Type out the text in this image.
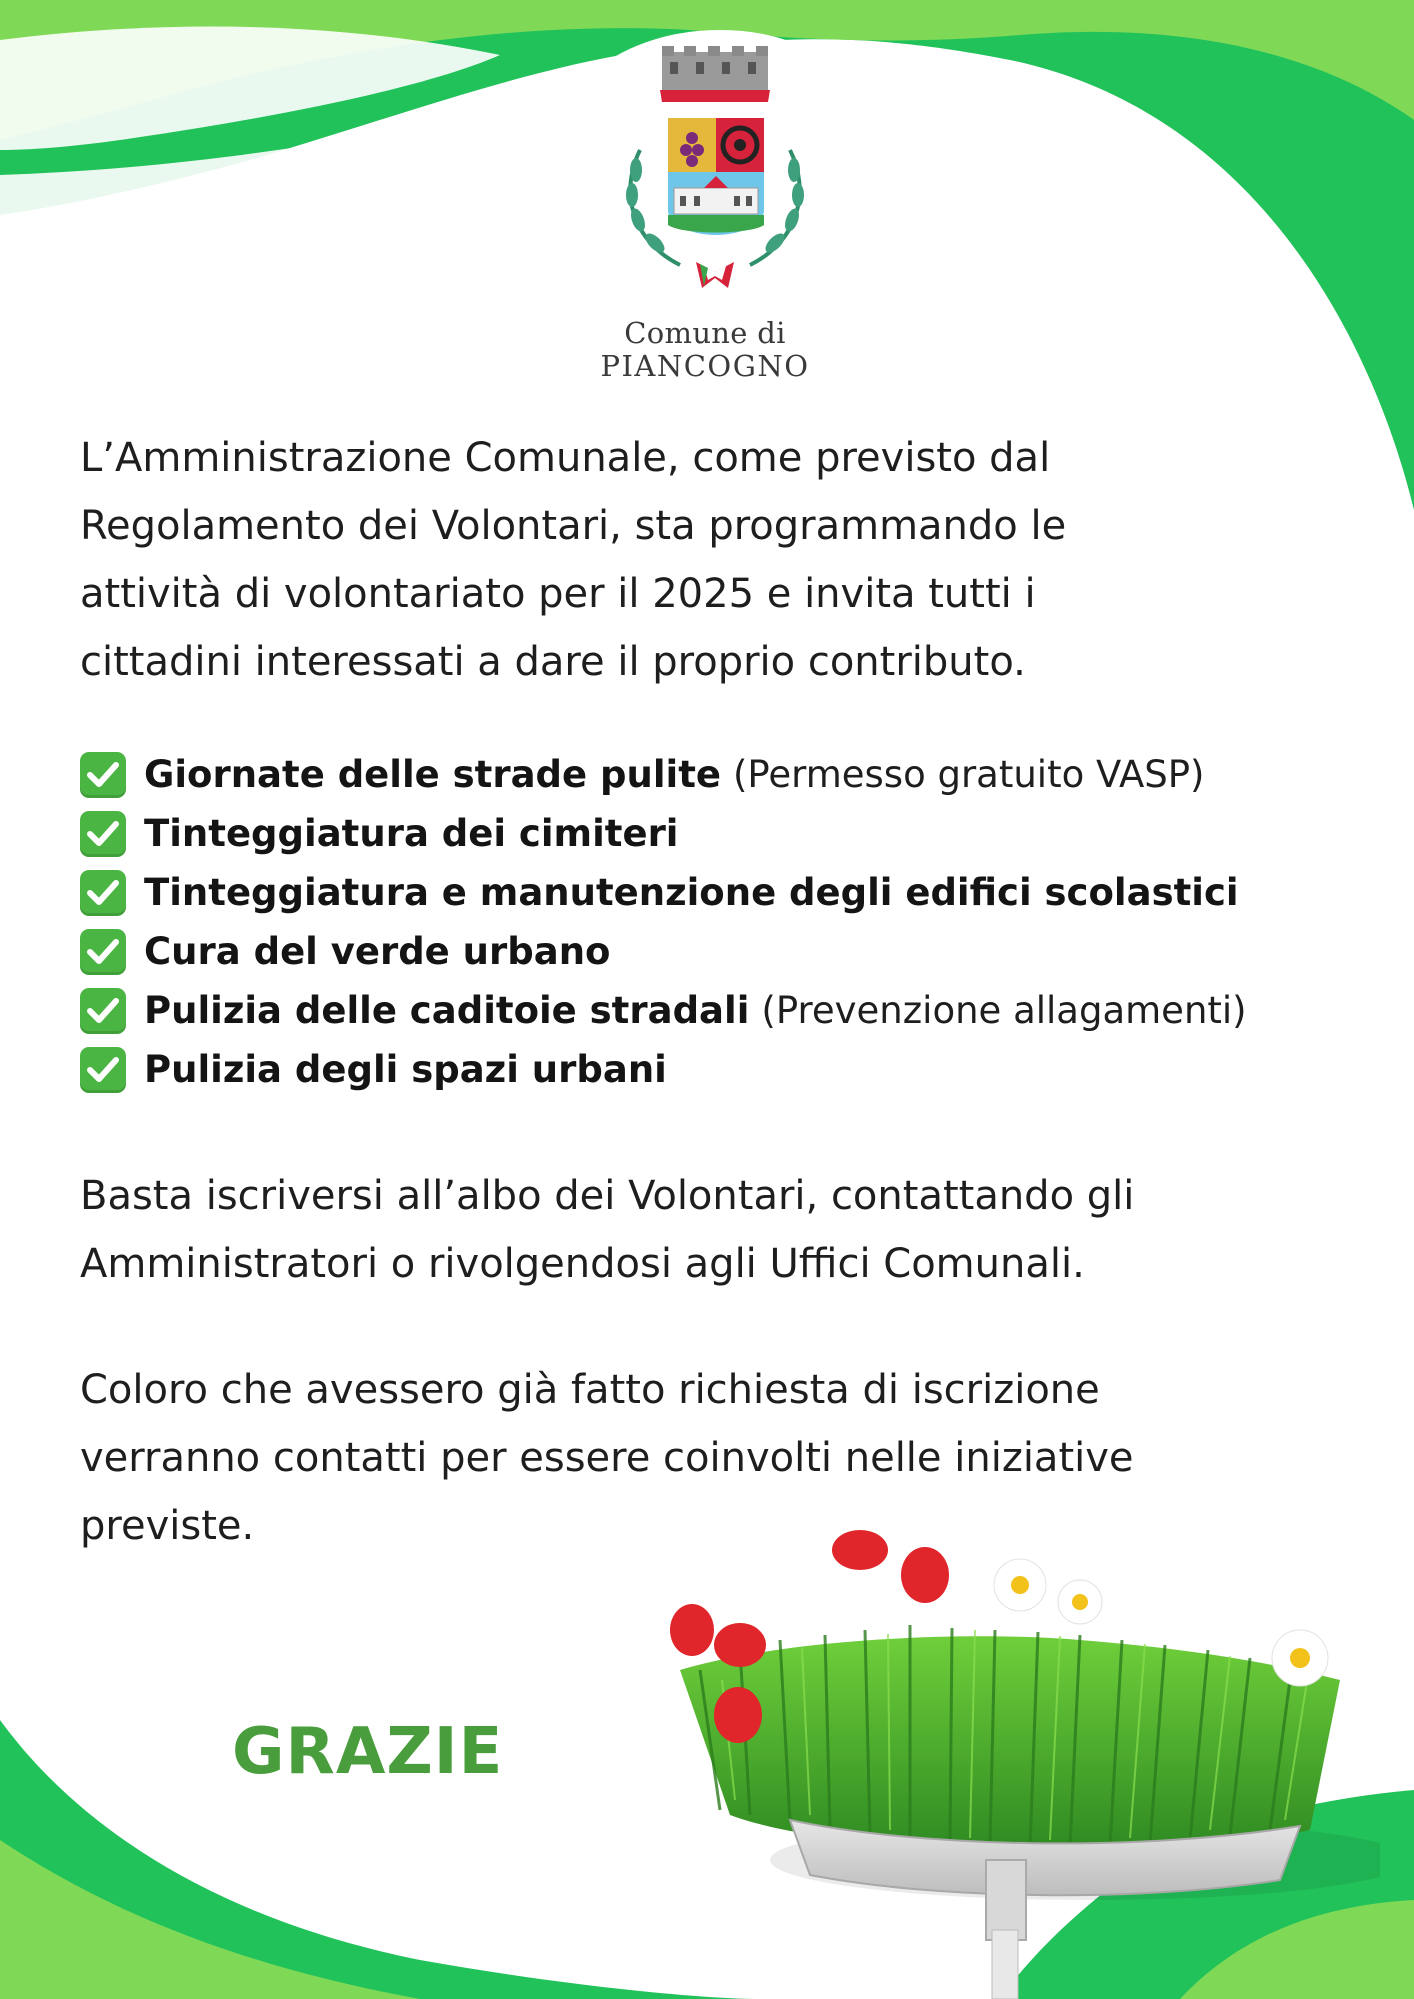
Comune di
PIANCOGNO

L’Amministrazione Comunale, come previsto dal
Regolamento dei Volontari, sta programmando le
attività di volontariato per il 2025 e invita tutti i
cittadini interessati a dare il proprio contributo.

Giornate delle strade pulite (Permesso gratuito VASP)
Tinteggiatura dei cimiteri
Tinteggiatura e manutenzione degli edifici scolastici
Cura del verde urbano
Pulizia delle caditoie stradali (Prevenzione allagamenti)
Pulizia degli spazi urbani

Basta iscriversi all’albo dei Volontari, contattando gli
Amministratori o rivolgendosi agli Uffici Comunali.

Coloro che avessero già fatto richiesta di iscrizione
verranno contatti per essere coinvolti nelle iniziative
previste.

GRAZIE
